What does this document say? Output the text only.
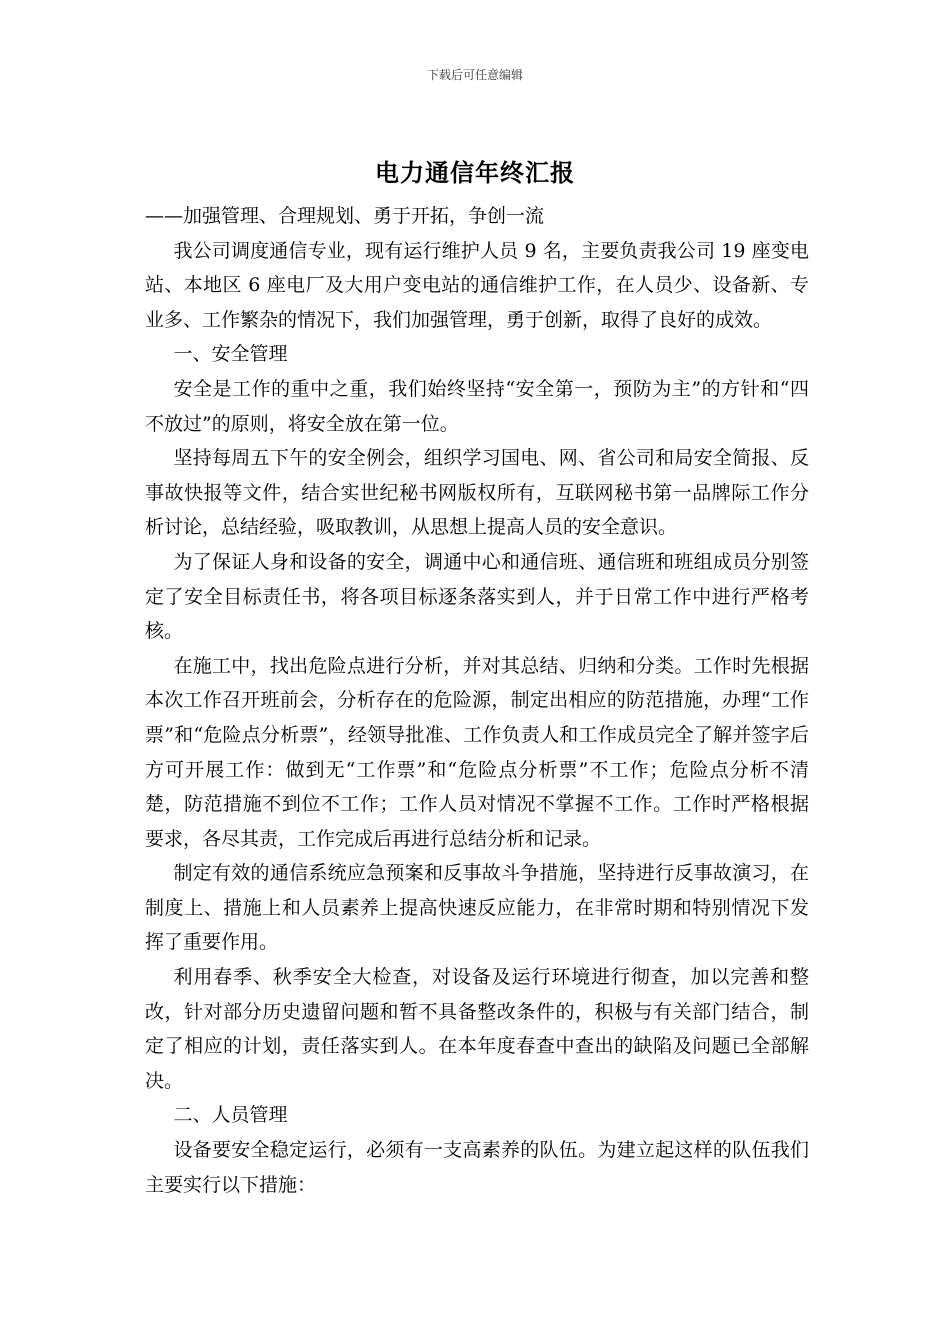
下载后可任意编辑
电力通信年终汇报

——加强管理、合理规划、勇于开拓，争创一流

我公司调度通信专业，现有运行维护人员 9 名，主要负责我公司 19 座变电站、本地区 6 座电厂及大用户变电站的通信维护工作，在人员少、设备新、专业多、工作繁杂的情况下，我们加强管理，勇于创新，取得了良好的成效。

一、安全管理

安全是工作的重中之重，我们始终坚持“安全第一，预防为主”的方针和“四不放过”的原则，将安全放在第一位。

坚持每周五下午的安全例会，组织学习国电、网、省公司和局安全简报、反事故快报等文件，结合实世纪秘书网版权所有，互联网秘书第一品牌际工作分析讨论，总结经验，吸取教训，从思想上提高人员的安全意识。

为了保证人身和设备的安全，调通中心和通信班、通信班和班组成员分别签定了安全目标责任书，将各项目标逐条落实到人，并于日常工作中进行严格考核。

在施工中，找出危险点进行分析，并对其总结、归纳和分类。工作时先根据本次工作召开班前会，分析存在的危险源，制定出相应的防范措施，办理“工作票”和“危险点分析票”，经领导批准、工作负责人和工作成员完全了解并签字后方可开展工作：做到无“工作票”和“危险点分析票”不工作；危险点分析不清楚，防范措施不到位不工作；工作人员对情况不掌握不工作。工作时严格根据要求，各尽其责，工作完成后再进行总结分析和记录。

制定有效的通信系统应急预案和反事故斗争措施，坚持进行反事故演习，在制度上、措施上和人员素养上提高快速反应能力，在非常时期和特别情况下发挥了重要作用。

利用春季、秋季安全大检查，对设备及运行环境进行彻查，加以完善和整改，针对部分历史遗留问题和暂不具备整改条件的，积极与有关部门结合，制定了相应的计划，责任落实到人。在本年度春查中查出的缺陷及问题已全部解决。

二、人员管理

设备要安全稳定运行，必须有一支高素养的队伍。为建立起这样的队伍我们主要实行以下措施：
